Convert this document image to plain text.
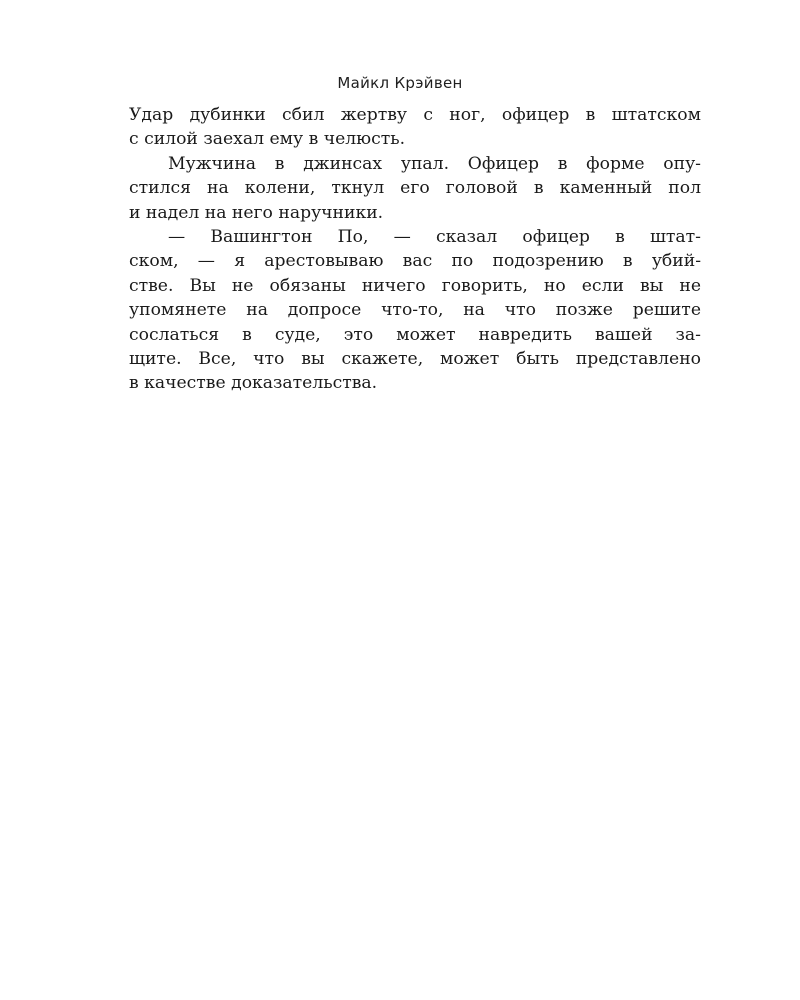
Майкл Крэйвен
Удар дубинки сбил жертву с ног, офицер в штатском
с силой заехал ему в челюсть.
Мужчина в джинсах упал. Офицер в форме опу-
стился на колени, ткнул его головой в каменный пол
и надел на него наручники.
— Вашингтон По, — сказал офицер в штат-
ском, — я арестовываю вас по подозрению в убий-
стве. Вы не обязаны ничего говорить, но если вы не
упомянете на допросе что-то, на что позже решите
сослаться в суде, это может навредить вашей за-
щите. Все, что вы скажете, может быть представлено
в качестве доказательства.
